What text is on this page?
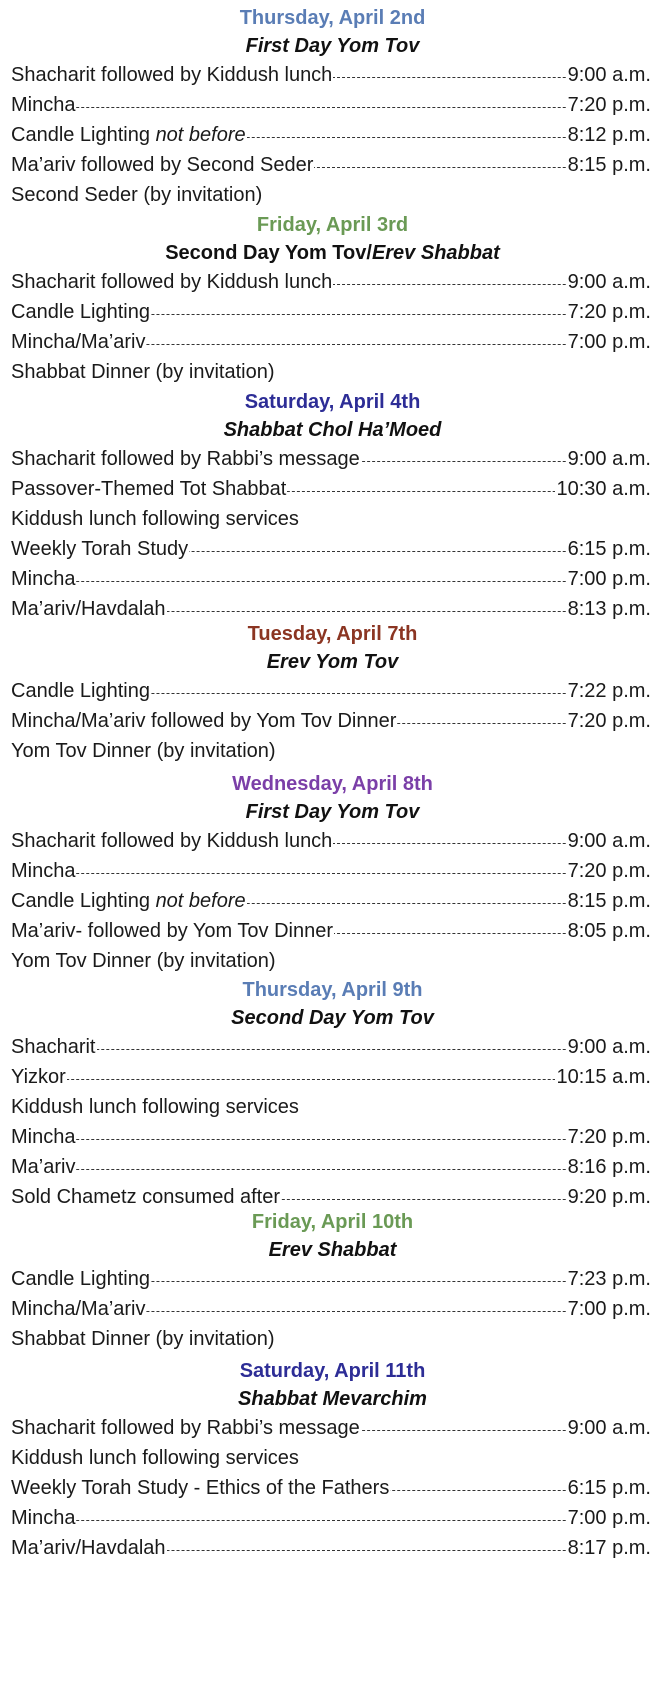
Thursday, April 2nd
First Day Yom Tov
Shacharit followed by Kiddush lunch	9:00 a.m.
Mincha	7:20 p.m.
Candle Lighting not before	8:12 p.m.
Ma’ariv followed by Second Seder	8:15 p.m.
Second Seder (by invitation)
Friday, April 3rd
Second Day Yom Tov/Erev Shabbat
Shacharit followed by Kiddush lunch	9:00 a.m.
Candle Lighting	7:20 p.m.
Mincha/Ma’ariv	7:00 p.m.
Shabbat Dinner (by invitation)
Saturday, April 4th
Shabbat Chol Ha’Moed
Shacharit followed by Rabbi’s message	9:00 a.m.
Passover-Themed Tot Shabbat	10:30 a.m.
Kiddush lunch following services
Weekly Torah Study	6:15 p.m.
Mincha	7:00 p.m.
Ma’ariv/Havdalah	8:13 p.m.
Tuesday, April 7th
Erev Yom Tov
Candle Lighting	7:22 p.m.
Mincha/Ma’ariv followed by Yom Tov Dinner	7:20 p.m.
Yom Tov Dinner (by invitation)
Wednesday, April 8th
First Day Yom Tov
Shacharit followed by Kiddush lunch	9:00 a.m.
Mincha	7:20 p.m.
Candle Lighting not before	8:15 p.m.
Ma’ariv- followed by Yom Tov Dinner	8:05 p.m.
Yom Tov Dinner (by invitation)
Thursday, April 9th
Second Day Yom Tov
Shacharit	9:00 a.m.
Yizkor	10:15 a.m.
Kiddush lunch following services
Mincha	7:20 p.m.
Ma’ariv	8:16 p.m.
Sold Chametz consumed after	9:20 p.m.
Friday, April 10th
Erev Shabbat
Candle Lighting	7:23 p.m.
Mincha/Ma’ariv	7:00 p.m.
Shabbat Dinner (by invitation)
Saturday, April 11th
Shabbat Mevarchim
Shacharit followed by Rabbi’s message	9:00 a.m.
Kiddush lunch following services
Weekly Torah Study - Ethics of the Fathers	6:15 p.m.
Mincha	7:00 p.m.
Ma’ariv/Havdalah	8:17 p.m.
